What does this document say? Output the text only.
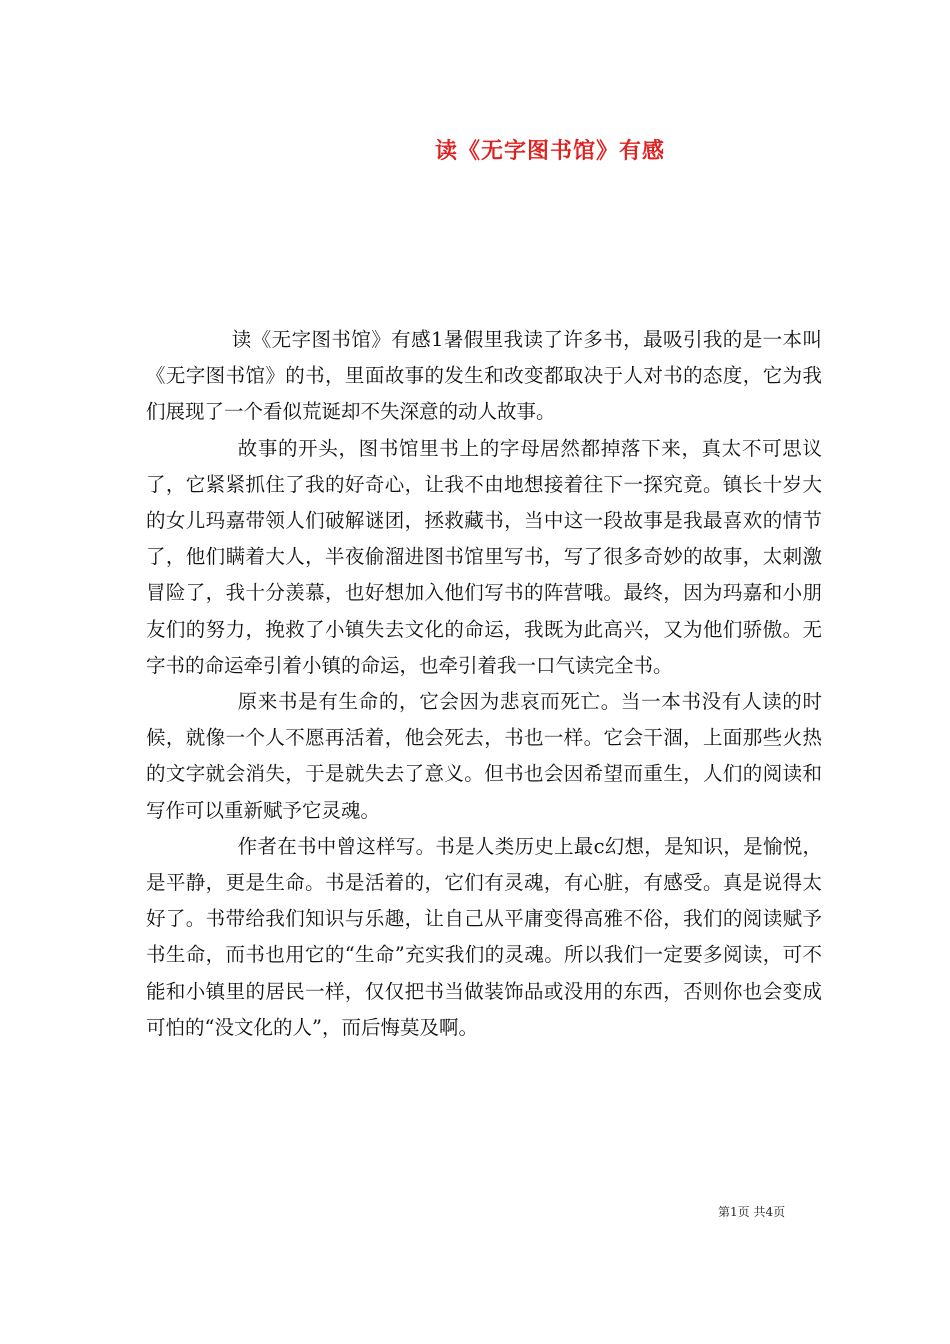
读《无字图书馆》有感

读《无字图书馆》有感1暑假里我读了许多书，最吸引我的是一本叫《无字图书馆》的书，里面故事的发生和改变都取决于人对书的态度，它为我们展现了一个看似荒诞却不失深意的动人故事。

故事的开头，图书馆里书上的字母居然都掉落下来，真太不可思议了，它紧紧抓住了我的好奇心，让我不由地想接着往下一探究竟。镇长十岁大的女儿玛嘉带领人们破解谜团，拯救藏书，当中这一段故事是我最喜欢的情节了，他们瞒着大人，半夜偷溜进图书馆里写书，写了很多奇妙的故事，太刺激冒险了，我十分羡慕，也好想加入他们写书的阵营哦。最终，因为玛嘉和小朋友们的努力，挽救了小镇失去文化的命运，我既为此高兴，又为他们骄傲。无字书的命运牵引着小镇的命运，也牵引着我一口气读完全书。

原来书是有生命的，它会因为悲哀而死亡。当一本书没有人读的时候，就像一个人不愿再活着，他会死去，书也一样。它会干涸，上面那些火热的文字就会消失，于是就失去了意义。但书也会因希望而重生，人们的阅读和写作可以重新赋予它灵魂。

作者在书中曾这样写。书是人类历史上最c幻想，是知识，是愉悦，是平静，更是生命。书是活着的，它们有灵魂，有心脏，有感受。真是说得太好了。书带给我们知识与乐趣，让自己从平庸变得高雅不俗，我们的阅读赋予书生命，而书也用它的“生命”充实我们的灵魂。所以我们一定要多阅读，可不能和小镇里的居民一样，仅仅把书当做装饰品或没用的东西，否则你也会变成可怕的“没文化的人”，而后悔莫及啊。

第1页 共4页
